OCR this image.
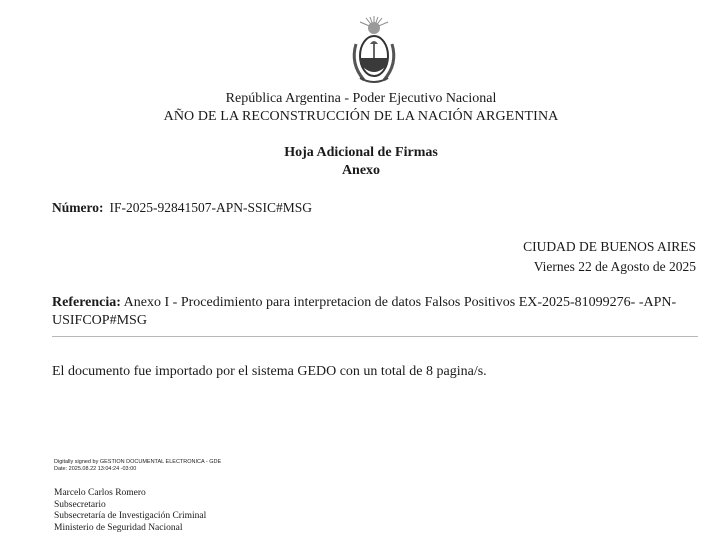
República Argentina - Poder Ejecutivo Nacional
AÑO DE LA RECONSTRUCCIÓN DE LA NACIÓN ARGENTINA
Hoja Adicional de Firmas
Anexo
Número: IF-2025-92841507-APN-SSIC#MSG
CIUDAD DE BUENOS AIRES
Viernes 22 de Agosto de 2025
Referencia: Anexo I - Procedimiento para interpretacion de datos Falsos Positivos EX-2025-81099276- -APN-USIFCOP#MSG
El documento fue importado por el sistema GEDO con un total de 8 pagina/s.
Digitally signed by GESTION DOCUMENTAL ELECTRONICA - GDE
Date: 2025.08.22 13:04:24 -03:00
Marcelo Carlos Romero
Subsecretario
Subsecretaría de Investigación Criminal
Ministerio de Seguridad Nacional
